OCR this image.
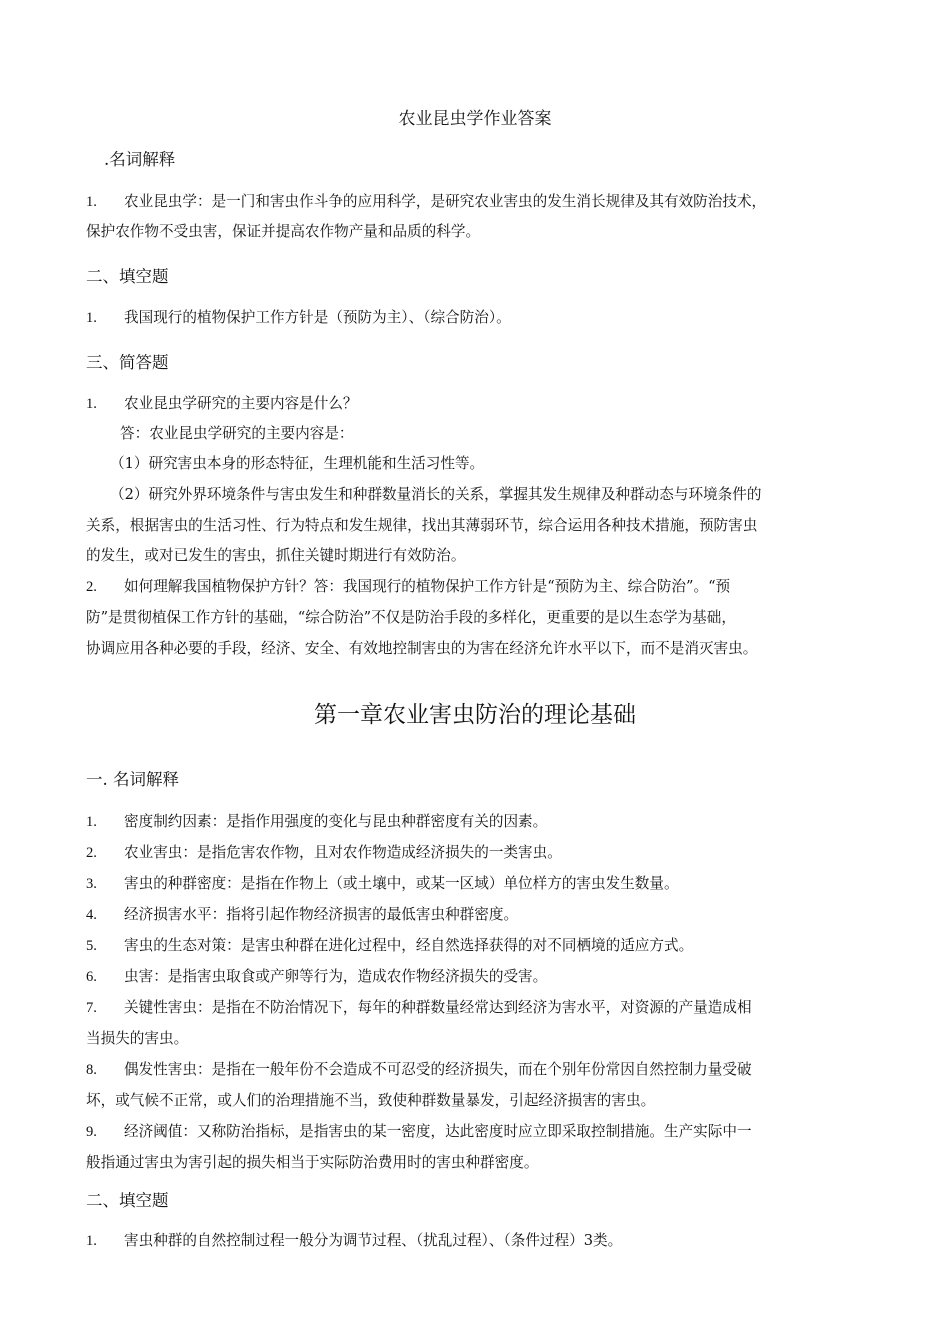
农业昆虫学作业答案
.名词解释
1. 农业昆虫学：是一门和害虫作斗争的应用科学，是研究农业害虫的发生消长规律及其有效防治技术，
保护农作物不受虫害，保证并提高农作物产量和品质的科学。
二、填空题
1. 我国现行的植物保护工作方针是（预防为主）、（综合防治）。
三、简答题
1. 农业昆虫学研究的主要内容是什么？
答：农业昆虫学研究的主要内容是：
（1）研究害虫本身的形态特征，生理机能和生活习性等。
（2）研究外界环境条件与害虫发生和种群数量消长的关系，掌握其发生规律及种群动态与环境条件的
关系，根据害虫的生活习性、行为特点和发生规律，找出其薄弱环节，综合运用各种技术措施，预防害虫
的发生，或对已发生的害虫，抓住关键时期进行有效防治。
2. 如何理解我国植物保护方针？答：我国现行的植物保护工作方针是“预防为主、综合防治”。“预
防”是贯彻植保工作方针的基础，“综合防治”不仅是防治手段的多样化，更重要的是以生态学为基础，
协调应用各种必要的手段，经济、安全、有效地控制害虫的为害在经济允许水平以下，而不是消灭害虫。
第一章农业害虫防治的理论基础
一. 名词解释
1. 密度制约因素：是指作用强度的变化与昆虫种群密度有关的因素。
2. 农业害虫：是指危害农作物，且对农作物造成经济损失的一类害虫。
3. 害虫的种群密度：是指在作物上（或土壤中，或某一区域）单位样方的害虫发生数量。
4. 经济损害水平：指将引起作物经济损害的最低害虫种群密度。
5. 害虫的生态对策：是害虫种群在进化过程中，经自然选择获得的对不同栖境的适应方式。
6. 虫害：是指害虫取食或产卵等行为，造成农作物经济损失的受害。
7. 关键性害虫：是指在不防治情况下，每年的种群数量经常达到经济为害水平，对资源的产量造成相
当损失的害虫。
8. 偶发性害虫：是指在一般年份不会造成不可忍受的经济损失，而在个别年份常因自然控制力量受破
坏，或气候不正常，或人们的治理措施不当，致使种群数量暴发，引起经济损害的害虫。
9. 经济阈值：又称防治指标，是指害虫的某一密度，达此密度时应立即采取控制措施。生产实际中一
般指通过害虫为害引起的损失相当于实际防治费用时的害虫种群密度。
二、填空题
1. 害虫种群的自然控制过程一般分为调节过程、（扰乱过程）、（条件过程）3类。
